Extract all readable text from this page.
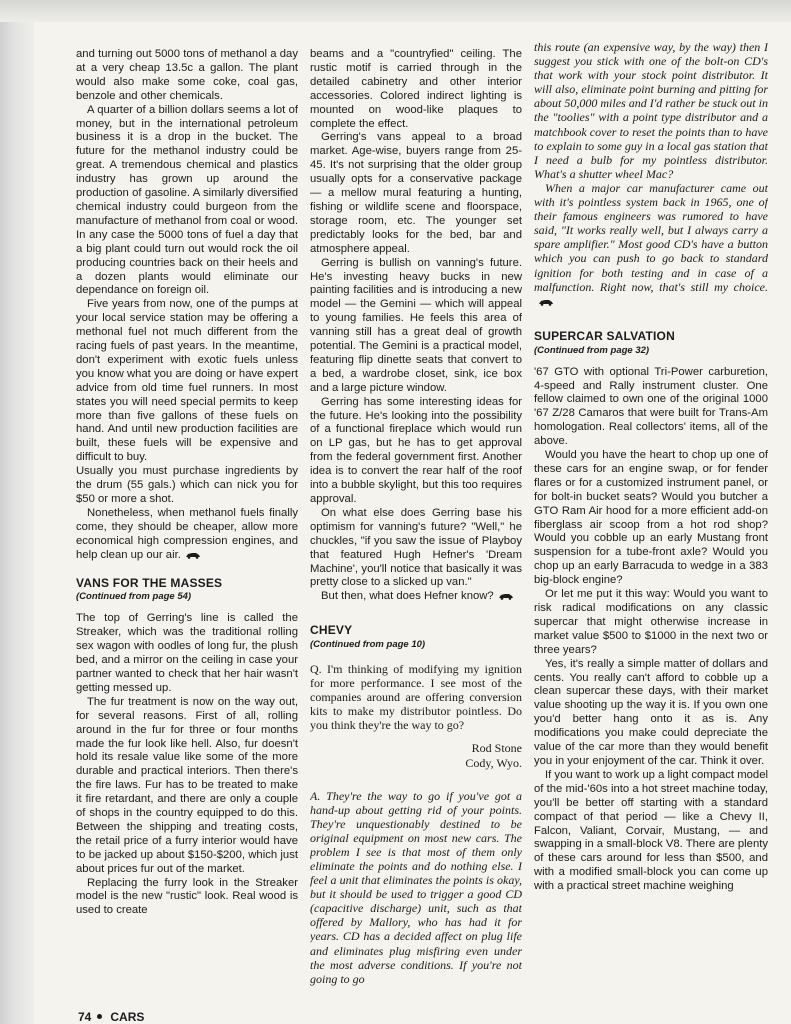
and turning out 5000 tons of methanol a day at a very cheap 13.5c a gallon. The plant would also make some coke, coal gas, benzole and other chemicals.

A quarter of a billion dollars seems a lot of money, but in the international petroleum business it is a drop in the bucket. The future for the methanol industry could be great. A tremendous chemical and plastics industry has grown up around the production of gasoline. A similarly diversified chemical industry could burgeon from the manufacture of methanol from coal or wood. In any case the 5000 tons of fuel a day that a big plant could turn out would rock the oil producing countries back on their heels and a dozen plants would eliminate our dependance on foreign oil.

Five years from now, one of the pumps at your local service station may be offering a methonal fuel not much different from the racing fuels of past years. In the meantime, don't experiment with exotic fuels unless you know what you are doing or have expert advice from old time fuel runners. In most states you will need special permits to keep more than five gallons of these fuels on hand. And until new production facilities are built, these fuels will be expensive and difficult to buy.

Usually you must purchase ingredients by the drum (55 gals.) which can nick you for $50 or more a shot.

Nonetheless, when methanol fuels finally come, they should be cheaper, allow more economical high compression engines, and help clean up our air.

VANS FOR THE MASSES
(Continued from page 54)

The top of Gerring's line is called the Streaker, which was the traditional rolling sex wagon with oodles of long fur, the plush bed, and a mirror on the ceiling in case your partner wanted to check that her hair wasn't getting messed up.

The fur treatment is now on the way out, for several reasons. First of all, rolling around in the fur for three or four months made the fur look like hell. Also, fur doesn't hold its resale value like some of the more durable and practical interiors. Then there's the fire laws. Fur has to be treated to make it fire retardant, and there are only a couple of shops in the country equipped to do this. Between the shipping and treating costs, the retail price of a furry interior would have to be jacked up about $150-$200, which just about prices fur out of the market.

Replacing the furry look in the Streaker model is the new "rustic" look. Real wood is used to create

beams and a "countryfied" ceiling. The rustic motif is carried through in the detailed cabinetry and other interior accessories. Colored indirect lighting is mounted on wood-like plaques to complete the effect.

Gerring's vans appeal to a broad market. Age-wise, buyers range from 25-45. It's not surprising that the older group usually opts for a conservative package — a mellow mural featuring a hunting, fishing or wildlife scene and floorspace, storage room, etc. The younger set predictably looks for the bed, bar and atmosphere appeal.

Gerring is bullish on vanning's future. He's investing heavy bucks in new painting facilities and is introducing a new model — the Gemini — which will appeal to young families. He feels this area of vanning still has a great deal of growth potential. The Gemini is a practical model, featuring flip dinette seats that convert to a bed, a wardrobe closet, sink, ice box and a large picture window.

Gerring has some interesting ideas for the future. He's looking into the possibility of a functional fireplace which would run on LP gas, but he has to get approval from the federal government first. Another idea is to convert the rear half of the roof into a bubble skylight, but this too requires approval.

On what else does Gerring base his optimism for vanning's future? "Well," he chuckles, "if you saw the issue of Playboy that featured Hugh Hefner's 'Dream Machine', you'll notice that basically it was pretty close to a slicked up van."

But then, what does Hefner know?

CHEVY
(Continued from page 10)

Q. I'm thinking of modifying my ignition for more performance. I see most of the companies around are offering conversion kits to make my distributor pointless. Do you think they're the way to go?

Rod Stone
Cody, Wyo.

A. They're the way to go if you've got a hand-up about getting rid of your points. They're unquestionably destined to be original equipment on most new cars. The problem I see is that most of them only eliminate the points and do nothing else. I feel a unit that eliminates the points is okay, but it should be used to trigger a good CD (capacitive discharge) unit, such as that offered by Mallory, who has had it for years. CD has a decided affect on plug life and eliminates plug misfiring even under the most adverse conditions. If you're not going to go

this route (an expensive way, by the way) then I suggest you stick with one of the bolt-on CD's that work with your stock point distributor. It will also, eliminate point burning and pitting for about 50,000 miles and I'd rather be stuck out in the "toolies" with a point type distributor and a matchbook cover to reset the points than to have to explain to some guy in a local gas station that I need a bulb for my pointless distributor. What's a shutter wheel Mac?

When a major car manufacturer came out with it's pointless system back in 1965, one of their famous engineers was rumored to have said, "It works really well, but I always carry a spare amplifier." Most good CD's have a button which you can push to go back to standard ignition for both testing and in case of a malfunction. Right now, that's still my choice.

SUPERCAR SALVATION
(Continued from page 32)

'67 GTO with optional Tri-Power carburetion, 4-speed and Rally instrument cluster. One fellow claimed to own one of the original 1000 '67 Z/28 Camaros that were built for Trans-Am homologation. Real collectors' items, all of the above.

Would you have the heart to chop up one of these cars for an engine swap, or for fender flares or for a customized instrument panel, or for bolt-in bucket seats? Would you butcher a GTO Ram Air hood for a more efficient add-on fiberglass air scoop from a hot rod shop? Would you cobble up an early Mustang front suspension for a tube-front axle? Would you chop up an early Barracuda to wedge in a 383 big-block engine?

Or let me put it this way: Would you want to risk radical modifications on any classic supercar that might otherwise increase in market value $500 to $1000 in the next two or three years?

Yes, it's really a simple matter of dollars and cents. You really can't afford to cobble up a clean supercar these days, with their market value shooting up the way it is. If you own one you'd better hang onto it as is. Any modifications you make could depreciate the value of the car more than they would benefit you in your enjoyment of the car. Think it over.

If you want to work up a light compact model of the mid-'60s into a hot street machine today, you'll be better off starting with a standard compact of that period — like a Chevy II, Falcon, Valiant, Corvair, Mustang, — and swapping in a small-block V8. There are plenty of these cars around for less than $500, and with a modified small-block you can come up with a practical street machine weighing

74 CARS
